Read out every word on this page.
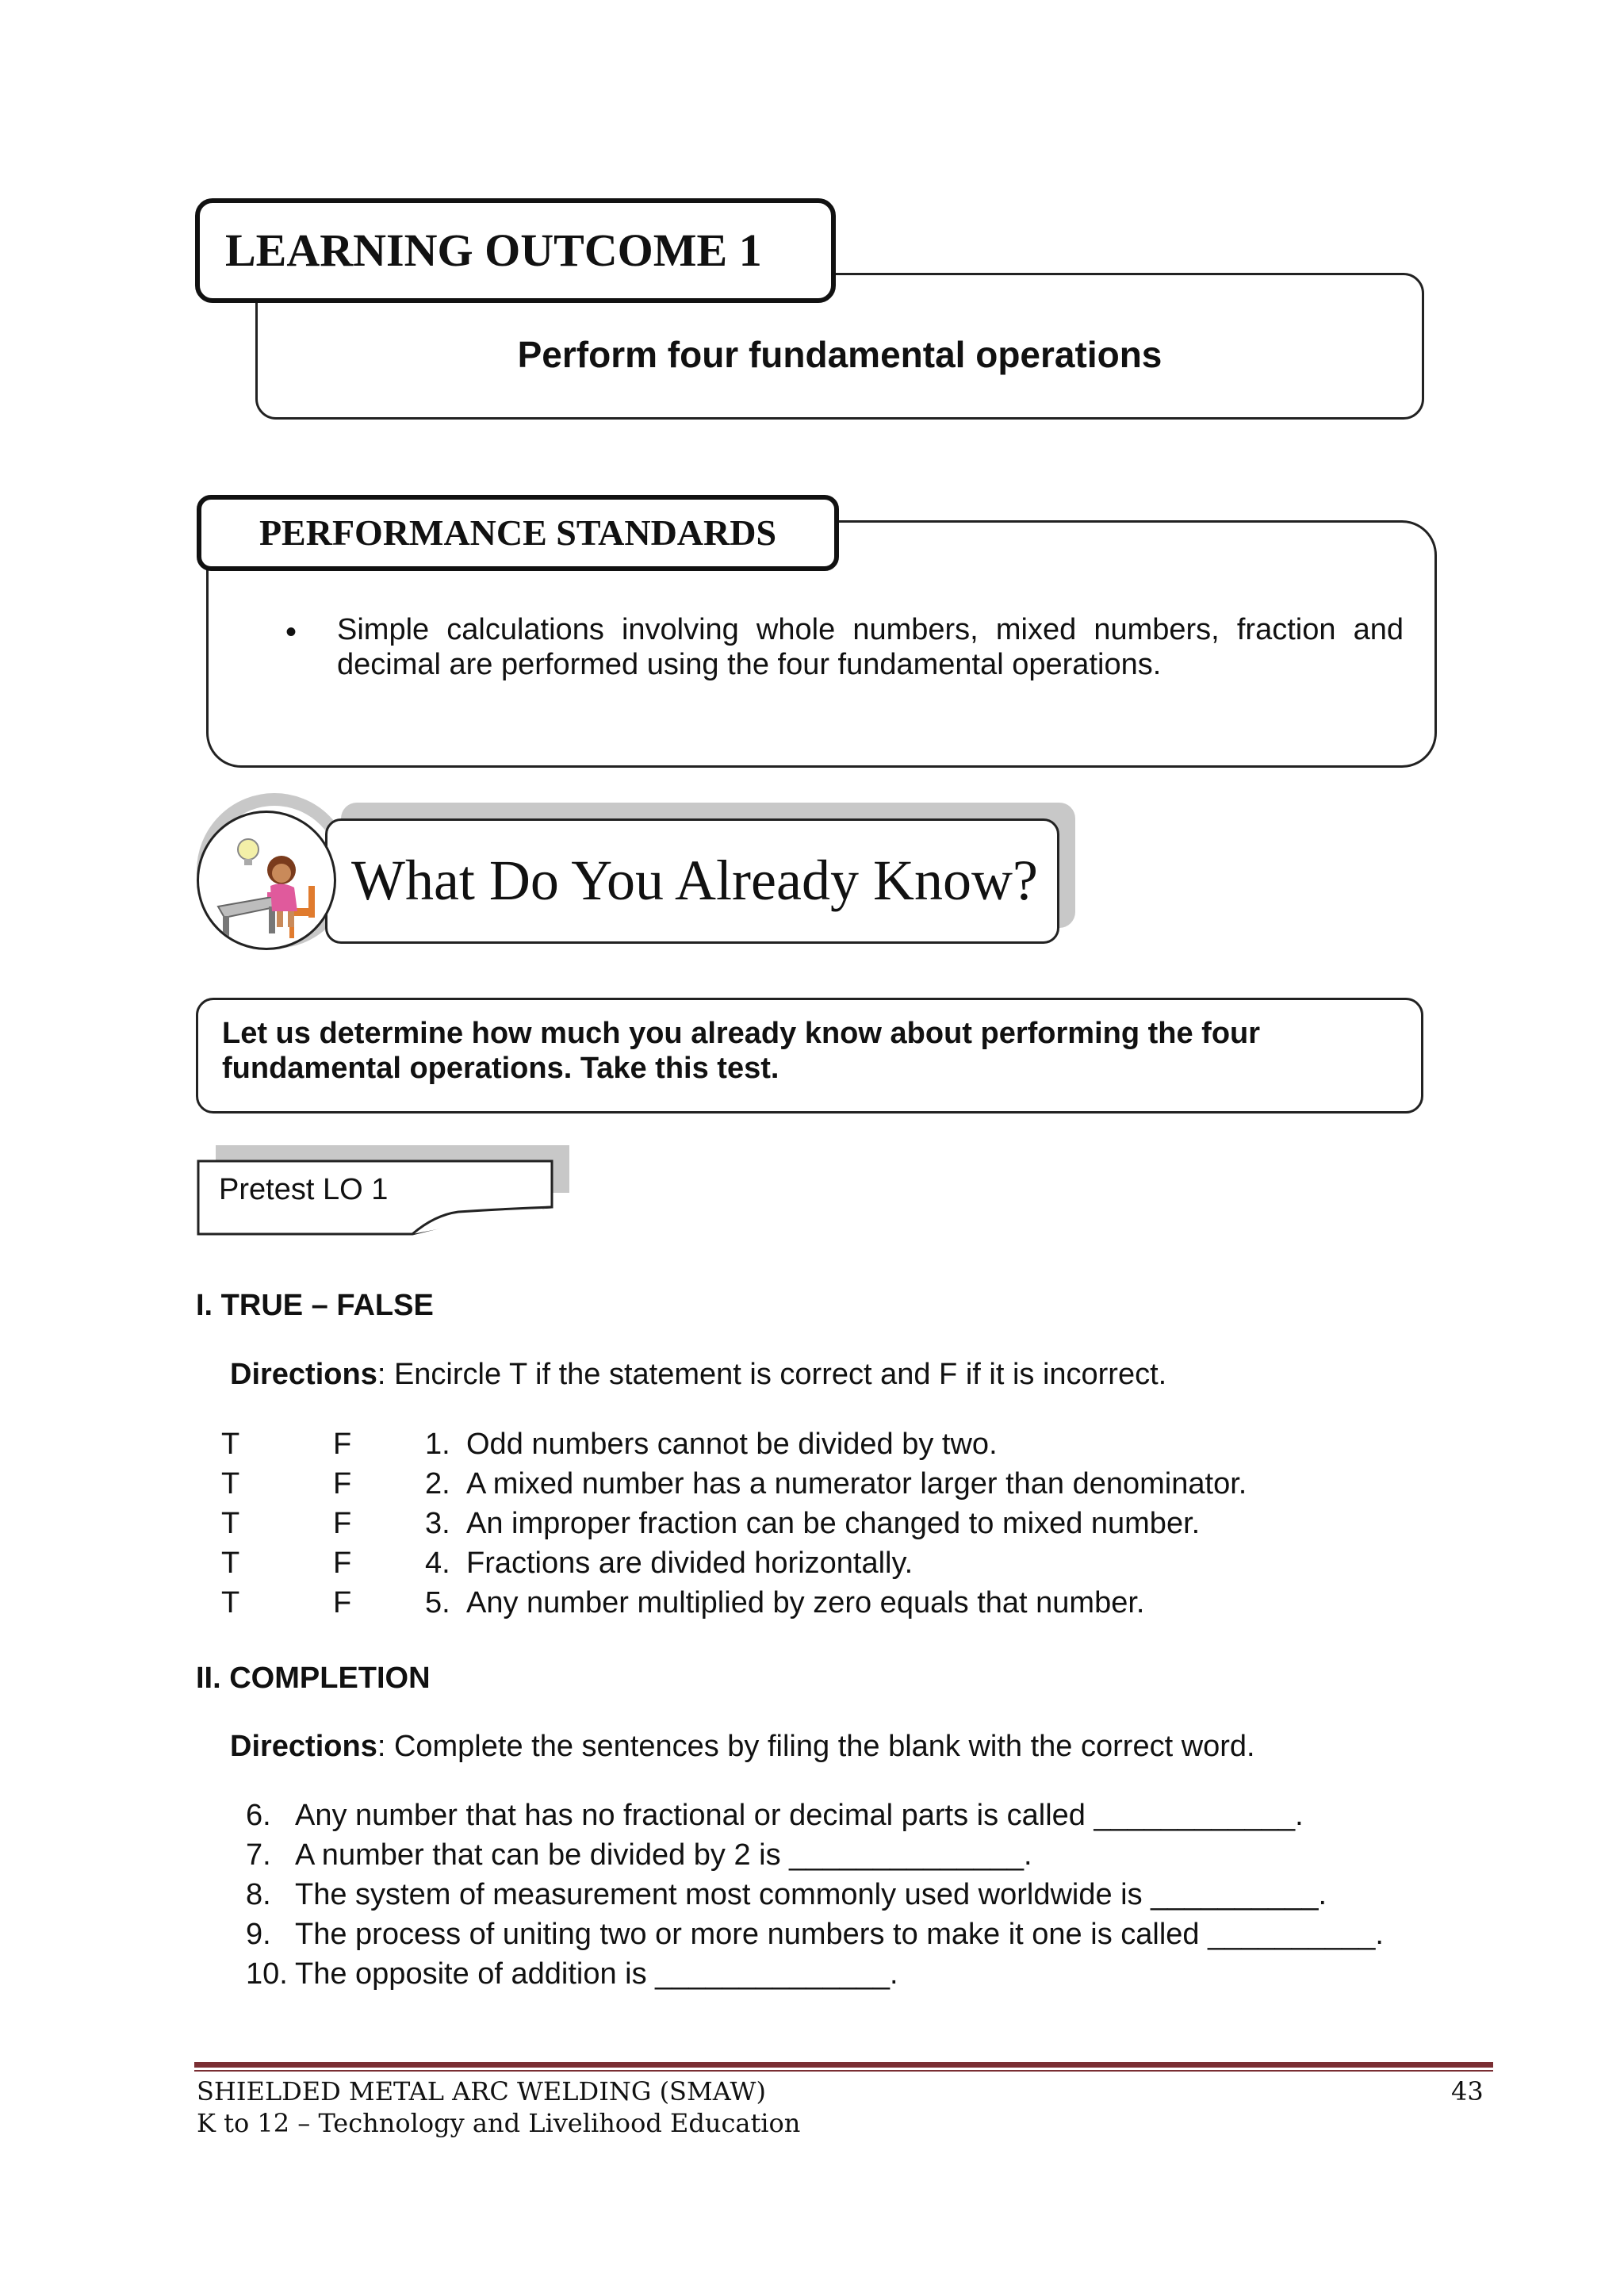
Perform four fundamental operations
LEARNING OUTCOME 1
PERFORMANCE STANDARDS
• Simple calculations involving whole numbers, mixed numbers, fraction and decimal are performed using the four fundamental operations.
What Do You Already Know?
Let us determine how much you already know about performing the four
fundamental operations. Take this test.
Pretest LO 1
I. TRUE – FALSE
Directions: Encircle T if the statement is correct and F if it is incorrect.
T	F 1. Odd numbers cannot be divided by two.
T	F 2. A mixed number has a numerator larger than denominator.
T	F 3. An improper fraction can be changed to mixed number.
T	F 4. Fractions are divided horizontally.
T	F 5. Any number multiplied by zero equals that number.
II. COMPLETION
Directions: Complete the sentences by filing the blank with the correct word.
6. Any number that has no fractional or decimal parts is called ____________.
7. A number that can be divided by 2 is ______________.
8. The system of measurement most commonly used worldwide is __________.
9. The process of uniting two or more numbers to make it one is called __________.
10. The opposite of addition is ______________.
SHIELDED METAL ARC WELDING (SMAW)
K to 12 – Technology and Livelihood Education
43
